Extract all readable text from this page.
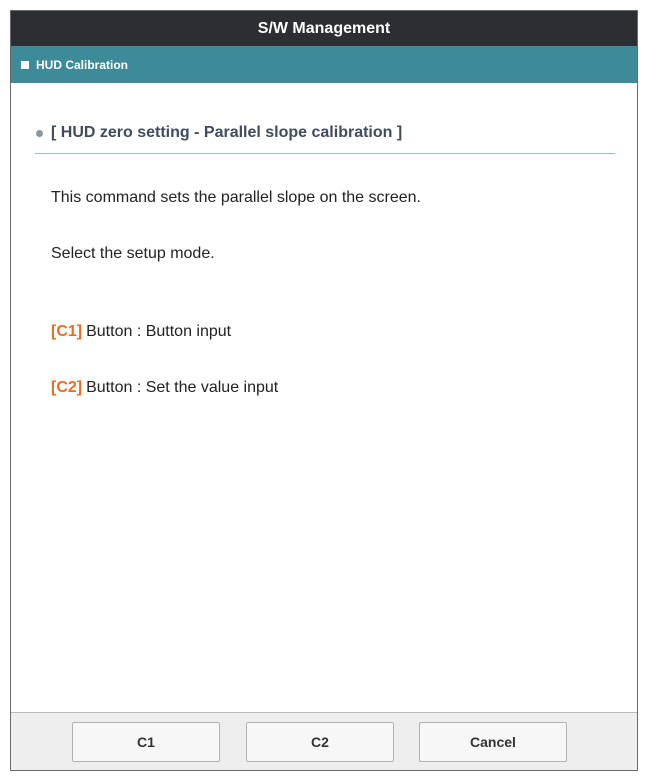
S/W Management
HUD Calibration
[ HUD zero setting - Parallel slope calibration ]
This command sets the parallel slope on the screen.
Select the setup mode.
[C1] Button : Button input
[C2] Button : Set the value input
C1	C2	Cancel
